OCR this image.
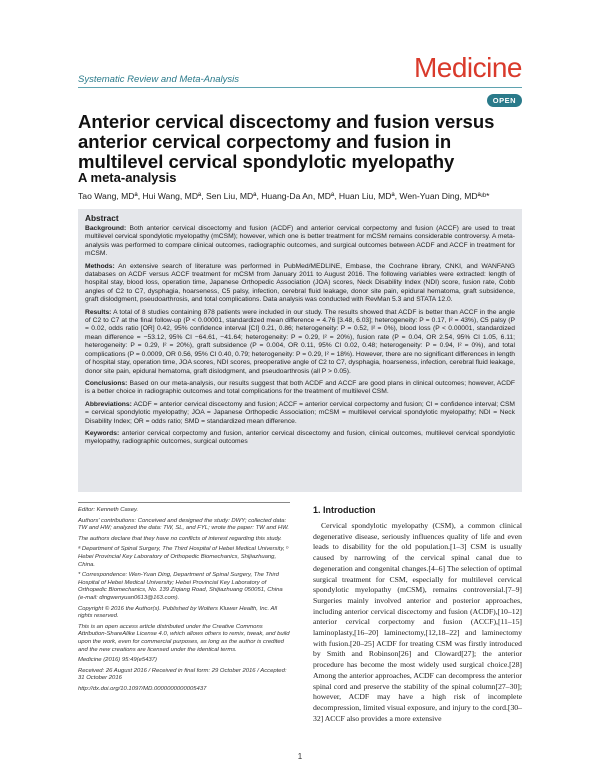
Systematic Review and Meta-Analysis	Medicine
OPEN
Anterior cervical discectomy and fusion versus anterior cervical corpectomy and fusion in multilevel cervical spondylotic myelopathy
A meta-analysis
Tao Wang, MDª, Hui Wang, MDª, Sen Liu, MDª, Huang-Da An, MDª, Huan Liu, MDª, Wen-Yuan Ding, MDªʴᵇ*
Abstract

Background: Both anterior cervical discectomy and fusion (ACDF) and anterior cervical corpectomy and fusion (ACCF) are used to treat multilevel cervical spondylotic myelopathy (mCSM); however, which one is better treatment for mCSM remains considerable controversy. A meta-analysis was performed to compare clinical outcomes, radiographic outcomes, and surgical outcomes between ACDF and ACCF in treatment for mCSM.

Methods: An extensive search of literature was performed in PubMed/MEDLINE, Embase, the Cochrane library, CNKI, and WANFANG databases on ACDF versus ACCF treatment for mCSM from January 2011 to August 2016. The following variables were extracted: length of hospital stay, blood loss, operation time, Japanese Orthopedic Association (JOA) scores, Neck Disability Index (NDI) score, fusion rate, Cobb angles of C2 to C7, dysphagia, hoarseness, C5 palsy, infection, cerebral fluid leakage, donor site pain, epidural hematoma, graft subsidence, graft dislodgment, pseudoarthrosis, and total complications. Data analysis was conducted with RevMan 5.3 and STATA 12.0.

Results: A total of 8 studies containing 878 patients were included in our study. The results showed that ACDF is better than ACCF in the angle of C2 to C7 at the final follow-up (P < 0.00001, standardized mean difference = 4.76 [3.48, 6.03]; heterogeneity: P = 0.17, I² = 43%), C5 palsy (P = 0.02, odds ratio [OR] 0.42, 95% confidence interval [CI] 0.21, 0.86; heterogeneity: P = 0.52, I² = 0%), blood loss (P < 0.00001, standardized mean difference = −53.12, 95% CI −64.61, −41.64; heterogeneity: P = 0.29, I² = 20%), fusion rate (P = 0.04, OR 2.54, 95% CI 1.05, 6.11; heterogeneity: P = 0.29, I² = 20%), graft subsidence (P = 0.004, OR 0.11, 95% CI 0.02, 0.48; heterogeneity: P = 0.94, I² = 0%), and total complications (P = 0.0009, OR 0.56, 95% CI 0.40, 0.79; heterogeneity: P = 0.29, I² = 18%). However, there are no significant differences in length of hospital stay, operation time, JOA scores, NDI scores, preoperative angle of C2 to C7, dysphagia, hoarseness, infection, cerebral fluid leakage, donor site pain, epidural hematoma, graft dislodgment, and pseudoarthrosis (all P > 0.05).

Conclusions: Based on our meta-analysis, our results suggest that both ACDF and ACCF are good plans in clinical outcomes; however, ACDF is a better choice in radiographic outcomes and total complications for the treatment of multilevel CSM.

Abbreviations: ACDF = anterior cervical discectomy and fusion; ACCF = anterior cervical corpectomy and fusion; CI = confidence interval; CSM = cervical spondylotic myelopathy; JOA = Japanese Orthopedic Association; mCSM = multilevel cervical spondylotic myelopathy; NDI = Neck Disability Index; OR = odds ratio; SMD = standardized mean difference.

Keywords: anterior cervical corpectomy and fusion, anterior cervical discectomy and fusion, clinical outcomes, multilevel cervical spondylotic myelopathy, radiographic outcomes, surgical outcomes

Editor: Kenneth Casey.

Authors' contributions: Conceived and designed the study: DWY; collected data: TW and HW; analyzed the data: TW, SL, and FYL; wrote the paper: TW and HW.

The authors declare that they have no conflicts of interest regarding this study.

ª Department of Spinal Surgery, The Third Hospital of Hebei Medical University, ᵇ Hebei Provincial Key Laboratory of Orthopedic Biomechanics, Shijiazhuang, China.

* Correspondence: Wen-Yuan Ding, Department of Spinal Surgery, The Third Hospital of Hebei Medical University; Hebei Provincial Key Laboratory of Orthopedic Biomechanics, No. 139 Ziqiang Road, Shijiazhuang 050051, China (e-mail: dingwenyuan0613@163.com).

Copyright © 2016 the Author(s). Published by Wolters Kluwer Health, Inc. All rights reserved.

This is an open access article distributed under the Creative Commons Attribution-ShareAlike License 4.0, which allows others to remix, tweak, and build upon the work, even for commercial purposes, as long as the author is credited and the new creations are licensed under the identical terms.

Medicine (2016) 95:49(e5437)

Received: 26 August 2016 / Received in final form: 29 October 2016 / Accepted: 31 October 2016

http://dx.doi.org/10.1097/MD.0000000000005437

1. Introduction

Cervical spondylotic myelopathy (CSM), a common clinical degenerative disease, seriously influences quality of life and even leads to disability for the old population.[1–3] CSM is usually caused by narrowing of the cervical spinal canal due to degeneration and congenital changes.[4–6] The selection of optimal surgical treatment for CSM, especially for multilevel cervical spondylotic myelopathy (mCSM), remains controversial.[7–9] Surgeries mainly involved anterior and posterior approaches, including anterior cervical discectomy and fusion (ACDF),[10–12] anterior cervical corpectomy and fusion (ACCF),[11–15] laminoplasty,[16–20] laminectomy,[12,18–22] and laminectomy with fusion.[20–25] ACDF for treating CSM was firstly introduced by Smith and Robinson[26] and Cloward[27]; the anterior procedure has become the most widely used surgical choice.[28] Among the anterior approaches, ACDF can decompress the anterior spinal cord and preserve the stability of the spinal column[27–30]; however, ACDF may have a high risk of incomplete decompression, limited visual exposure, and injury to the cord.[30–32] ACCF also provides a more extensive

1
